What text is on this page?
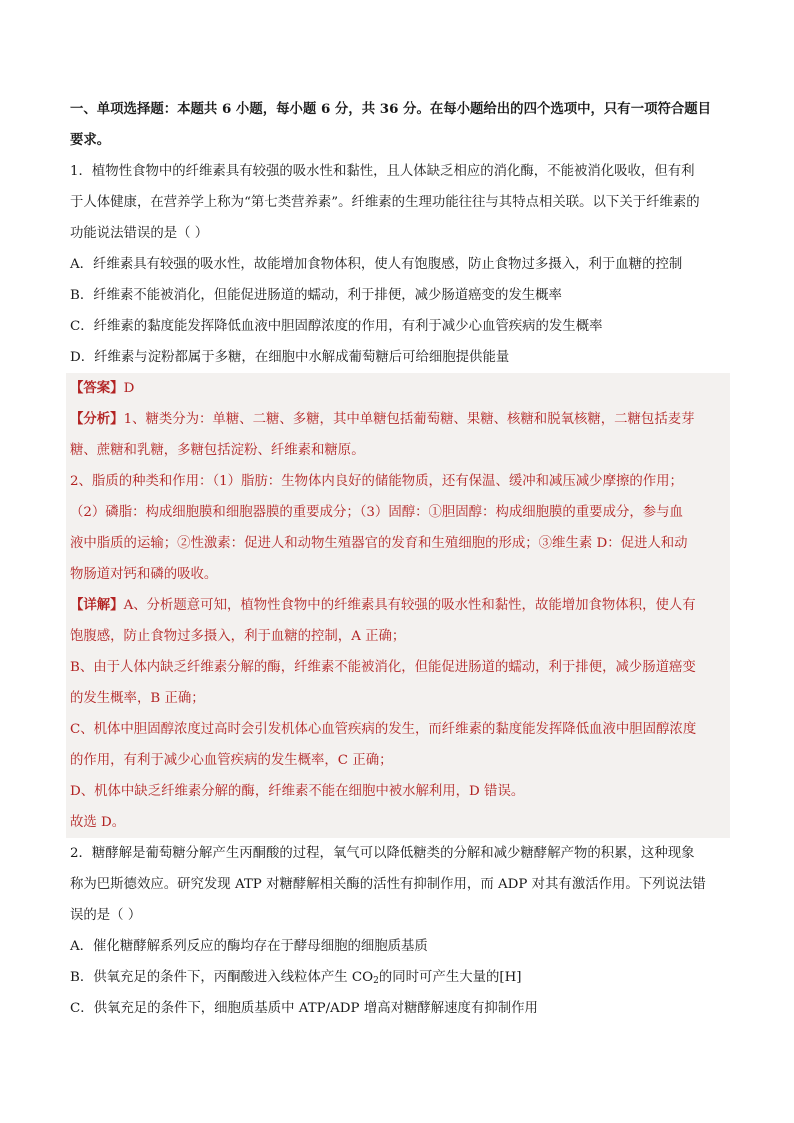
一、单项选择题：本题共 6 小题，每小题 6 分，共 36 分。在每小题给出的四个选项中，只有一项符合题目

要求。

1．植物性食物中的纤维素具有较强的吸水性和黏性，且人体缺乏相应的消化酶，不能被消化吸收，但有利

于人体健康，在营养学上称为“第七类营养素”。纤维素的生理功能往往与其特点相关联。以下关于纤维素的

功能说法错误的是（ ）

A．纤维素具有较强的吸水性，故能增加食物体积，使人有饱腹感，防止食物过多摄入，利于血糖的控制

B．纤维素不能被消化，但能促进肠道的蠕动，利于排便，减少肠道癌变的发生概率

C．纤维素的黏度能发挥降低血液中胆固醇浓度的作用，有利于减少心血管疾病的发生概率

D．纤维素与淀粉都属于多糖，在细胞中水解成葡萄糖后可给细胞提供能量

【答案】D

【分析】1、糖类分为：单糖、二糖、多糖，其中单糖包括葡萄糖、果糖、核糖和脱氧核糖，二糖包括麦芽

糖、蔗糖和乳糖，多糖包括淀粉、纤维素和糖原。

2、脂质的种类和作用：（1）脂肪：生物体内良好的储能物质，还有保温、缓冲和减压减少摩擦的作用；

（2）磷脂：构成细胞膜和细胞器膜的重要成分；（3）固醇：①胆固醇：构成细胞膜的重要成分，参与血

液中脂质的运输；②性激素：促进人和动物生殖器官的发育和生殖细胞的形成；③维生素 D：促进人和动

物肠道对钙和磷的吸收。

【详解】A、分析题意可知，植物性食物中的纤维素具有较强的吸水性和黏性，故能增加食物体积，使人有

饱腹感，防止食物过多摄入，利于血糖的控制，A 正确；

B、由于人体内缺乏纤维素分解的酶，纤维素不能被消化，但能促进肠道的蠕动，利于排便，减少肠道癌变

的发生概率，B 正确；

C、机体中胆固醇浓度过高时会引发机体心血管疾病的发生，而纤维素的黏度能发挥降低血液中胆固醇浓度

的作用，有利于减少心血管疾病的发生概率，C 正确；

D、机体中缺乏纤维素分解的酶，纤维素不能在细胞中被水解利用，D 错误。

故选 D。

2．糖酵解是葡萄糖分解产生丙酮酸的过程，氧气可以降低糖类的分解和减少糖酵解产物的积累，这种现象

称为巴斯德效应。研究发现 ATP 对糖酵解相关酶的活性有抑制作用，而 ADP 对其有激活作用。下列说法错

误的是（ ）

A．催化糖酵解系列反应的酶均存在于酵母细胞的细胞质基质

B．供氧充足的条件下，丙酮酸进入线粒体产生 $CO_2$的同时可产生大量的[H]

C．供氧充足的条件下，细胞质基质中 ATP/ADP 增高对糖酵解速度有抑制作用
